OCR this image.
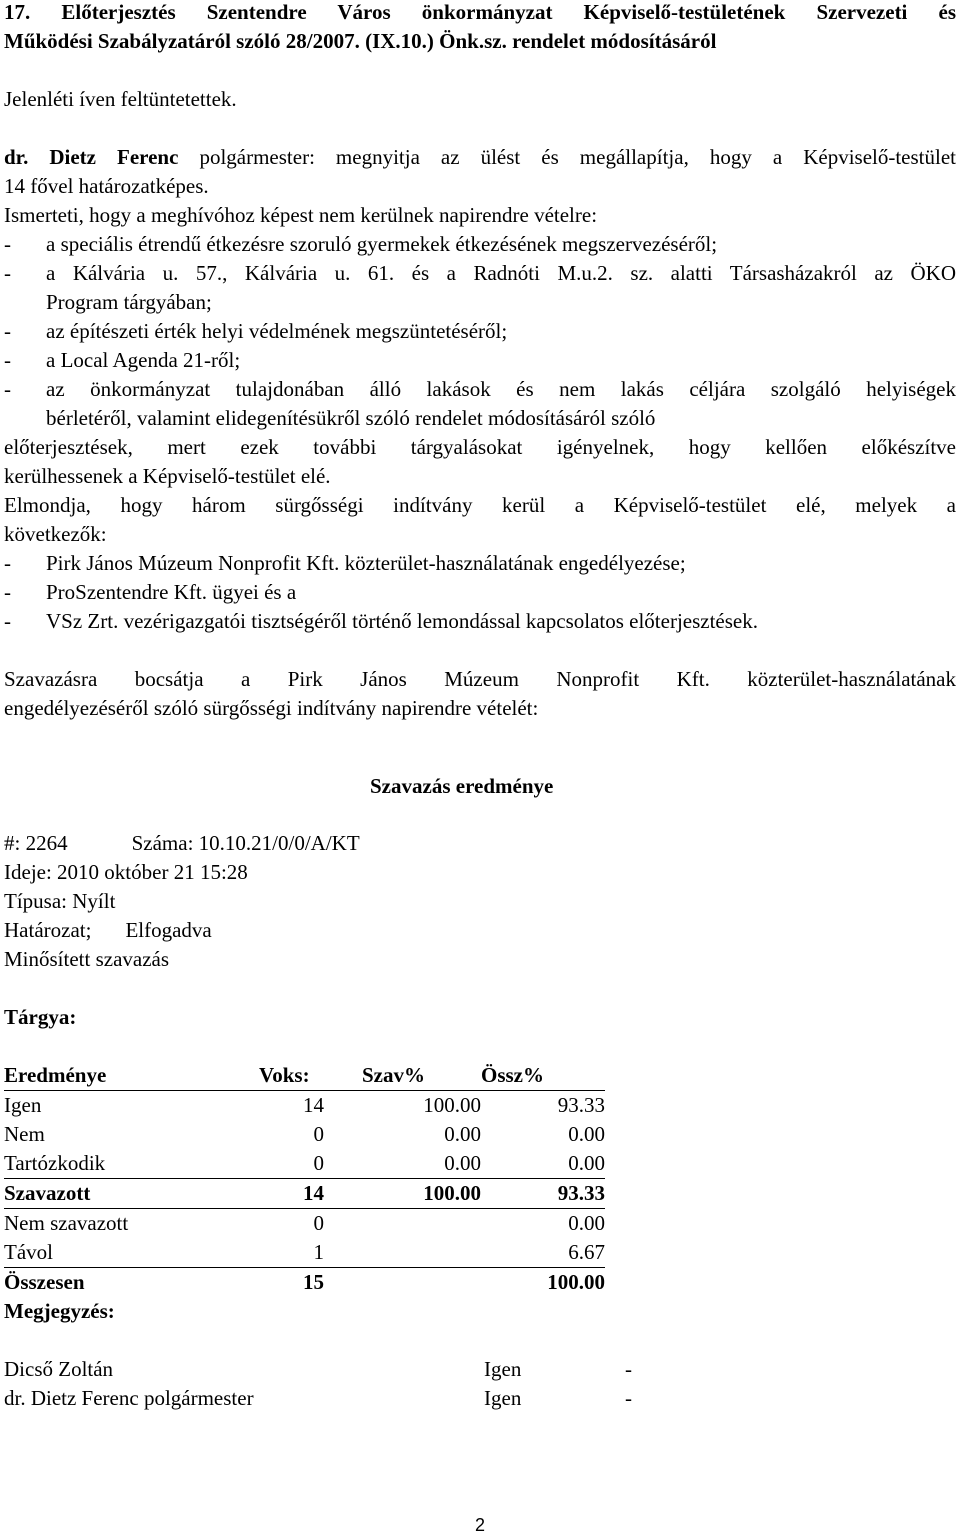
17. Előterjesztés Szentendre Város önkormányzat Képviselő-testületének Szervezeti és
Működési Szabályzatáról szóló 28/2007. (IX.10.) Önk.sz. rendelet módosításáról
Jelenléti íven feltüntetettek.
dr. Dietz Ferenc polgármester: megnyitja az ülést és megállapítja, hogy a Képviselő-testület
14 fővel határozatképes.
Ismerteti, hogy a meghívóhoz képest nem kerülnek napirendre vételre:
-	a speciális étrendű étkezésre szoruló gyermekek étkezésének megszervezéséről;
-	a Kálvária u. 57., Kálvária u. 61. és a Radnóti M.u.2. sz. alatti Társasházakról az ÖKO
Program tárgyában;
-	az építészeti érték helyi védelmének megszüntetéséről;
-	a Local Agenda 21-ről;
-	az önkormányzat tulajdonában álló lakások és nem lakás céljára szolgáló helyiségek
bérletéről, valamint elidegenítésükről szóló rendelet módosításáról szóló
előterjesztések, mert ezek további tárgyalásokat igényelnek, hogy kellően előkészítve
kerülhessenek a Képviselő-testület elé.
Elmondja, hogy három sürgősségi indítvány kerül a Képviselő-testület elé, melyek a
következők:
-	Pirk János Múzeum Nonprofit Kft. közterület-használatának engedélyezése;
-	ProSzentendre Kft. ügyei és a
-	VSz Zrt. vezérigazgatói tisztségéről történő lemondással kapcsolatos előterjesztések.
Szavazásra bocsátja a Pirk János Múzeum Nonprofit Kft. közterület-használatának
engedélyezéséről szóló sürgősségi indítvány napirendre vételét:
Szavazás eredménye
#: 2264	Száma: 10.10.21/0/0/A/KT
Ideje: 2010 október 21 15:28
Típusa: Nyílt
Határozat; Elfogadva
Minősített szavazás
Tárgya:
Eredménye	Voks:	Szav%	Össz%
Igen	14	100.00	93.33
Nem	0	0.00	0.00
Tartózkodik	0	0.00	0.00
Szavazott	14	100.00	93.33
Nem szavazott	0		0.00
Távol	1		6.67
Összesen	15		100.00
Megjegyzés:			
Dicső Zoltán	Igen	-
dr. Dietz Ferenc polgármester	Igen	-
2
